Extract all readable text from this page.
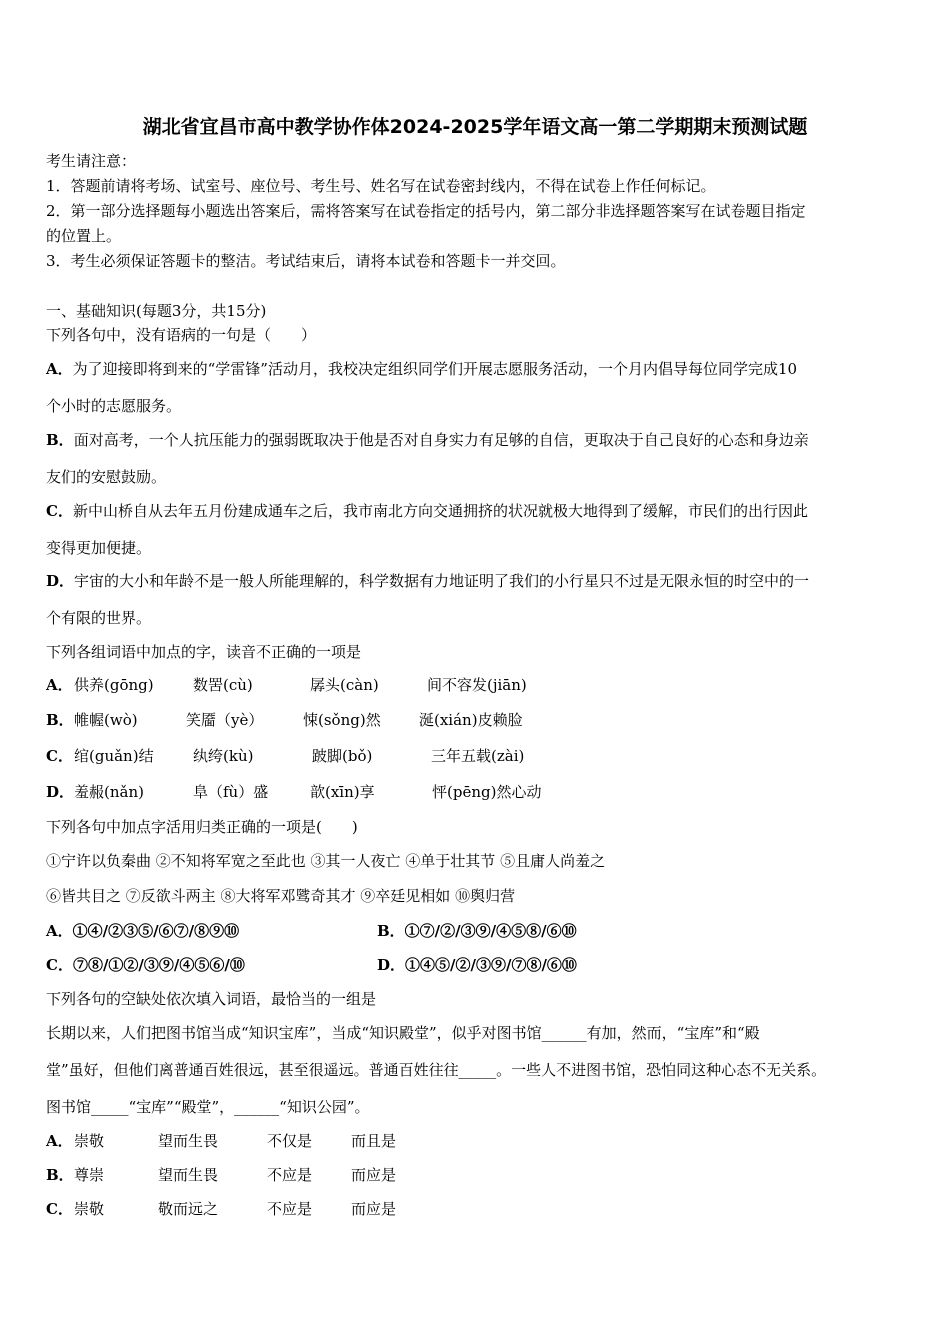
湖北省宜昌市高中教学协作体2024-2025学年语文高一第二学期期末预测试题
考生请注意：
1．答题前请将考场、试室号、座位号、考生号、姓名写在试卷密封线内，不得在试卷上作任何标记。
2．第一部分选择题每小题选出答案后，需将答案写在试卷指定的括号内，第二部分非选择题答案写在试卷题目指定
的位置上。
3．考生必须保证答题卡的整洁。考试结束后，请将本试卷和答题卡一并交回。
一、基础知识(每题3分，共15分)
下列各句中，没有语病的一句是（　　）
A．为了迎接即将到来的“学雷锋”活动月，我校决定组织同学们开展志愿服务活动，一个月内倡导每位同学完成10
个小时的志愿服务。
B．面对高考，一个人抗压能力的强弱既取决于他是否对自身实力有足够的自信，更取决于自己良好的心态和身边亲
友们的安慰鼓励。
C．新中山桥自从去年五月份建成通车之后，我市南北方向交通拥挤的状况就极大地得到了缓解，市民们的出行因此
变得更加便捷。
D．宇宙的大小和年龄不是一般人所能理解的，科学数据有力地证明了我们的小行星只不过是无限永恒的时空中的一
个有限的世界。
下列各组词语中加点的字，读音不正确的一项是
A． 供养(gōng)	数罟(cù)	孱头(càn)	间不容发(jiān)
B． 帷幄(wò)	笑靥（yè）	悚(sǒng)然	涎(xián)皮赖脸
C． 绾(guǎn)结	纨绔(kù)	跛脚(bǒ)	三年五载(zài)
D． 羞赧(nǎn)	阜（fù）盛	歆(xīn)享	怦(pēng)然心动
下列各句中加点字活用归类正确的一项是(　　)
①宁许以负秦曲 ②不知将军宽之至此也 ③其一人夜亡 ④单于壮其节 ⑤且庸人尚羞之
⑥皆共目之 ⑦反欲斗两主 ⑧大将军邓骘奇其才 ⑨卒廷见相如 ⑩舆归营
A．①④/②③⑤/⑥⑦/⑧⑨⑩	B．①⑦/②/③⑨/④⑤⑧/⑥⑩
C．⑦⑧/①②/③⑨/④⑤⑥/⑩	D．①④⑤/②/③⑨/⑦⑧/⑥⑩
下列各句的空缺处依次填入词语，最恰当的一组是
长期以来，人们把图书馆当成“知识宝库”，当成“知识殿堂”，似乎对图书馆______有加，然而，“宝库”和“殿
堂”虽好，但他们离普通百姓很远，甚至很遥远。普通百姓往往_____。一些人不进图书馆，恐怕同这种心态不无关系。
图书馆_____“宝库”“殿堂”，______“知识公园”。
A． 崇敬	望而生畏	不仅是	而且是
B． 尊崇	望而生畏	不应是	而应是
C． 崇敬	敬而远之	不应是	而应是
